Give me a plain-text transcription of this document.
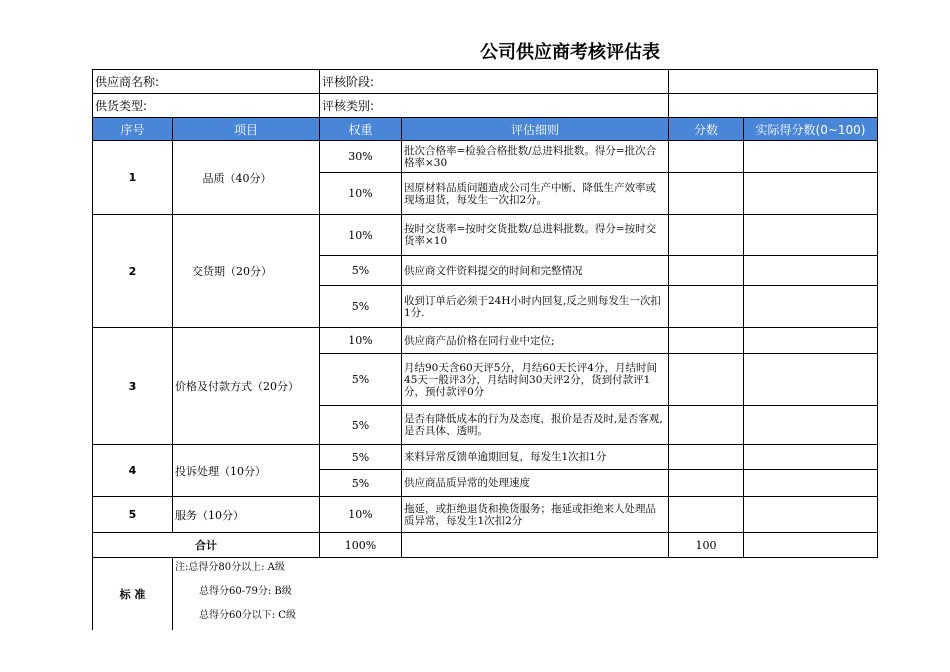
公司供应商考核评估表
供应商名称:		评核阶段:			
供货类型:		评核类别:			
序号	项目	权重	评估细则	分数	实际得分数(0~100)
1	品质（40分）	30%	批次合格率=检验合格批数/总进料批数。得分=批次合格率×30		
		10%	因原材料品质问题造成公司生产中断、降低生产效率或现场退货，每发生一次扣2分。		
2	交货期（20分）	10%	按时交货率=按时交货批数/总进料批数。得分=按时交货率×10		
		5%	供应商文件资料提交的时间和完整情况		
		5%	收到订单后必须于24H小时内回复,反之则每发生一次扣1分.		
3	价格及付款方式（20分）	10%	供应商产品价格在同行业中定位;		
		5%	月结90天含60天评5分，月结60天长评4分，月结时间45天一般评3分，月结时间30天评2分，货到付款评1分，预付款评0分		
		5%	是否有降低成本的行为及态度，报价是否及时,是否客观,是否具体、透明。		
4	投诉处理（10分）	5%	来料异常反馈单逾期回复，每发生1次扣1分		
		5%	供应商品质异常的处理速度		
5	服务（10分）	10%	拖延，或拒绝退货和换货服务；拖延或拒绝来人处理品质异常，每发生1次扣2分		
合计		100%		100	
标 准	注:总得分80分以上: A级
总得分60-79分: B级
总得分60分以下: C级				
